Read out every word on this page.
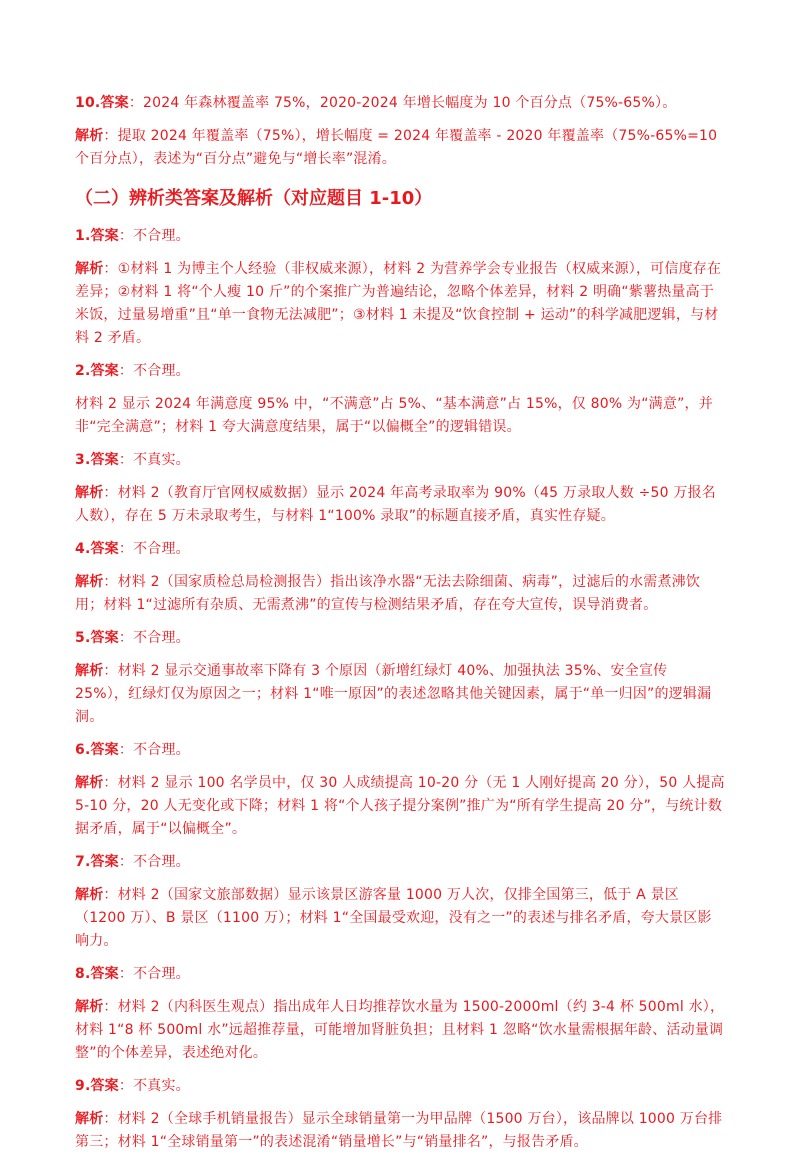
10.答案：2024 年森林覆盖率 75%，2020-2024 年增长幅度为 10 个百分点（75%-65%）。

解析：提取 2024 年覆盖率（75%），增长幅度 = 2024 年覆盖率 - 2020 年覆盖率（75%-65%=10 个百分点），表述为“百分点”避免与“增长率”混淆。

（二）辨析类答案及解析（对应题目 1-10）

1.答案：不合理。

解析：①材料 1 为博主个人经验（非权威来源），材料 2 为营养学会专业报告（权威来源），可信度存在差异；②材料 1 将“个人瘦 10 斤”的个案推广为普遍结论，忽略个体差异，材料 2 明确“紫薯热量高于米饭，过量易增重”且“单一食物无法减肥”；③材料 1 未提及“饮食控制 + 运动”的科学减肥逻辑，与材料 2 矛盾。

2.答案：不合理。

材料 2 显示 2024 年满意度 95% 中，“不满意”占 5%、“基本满意”占 15%，仅 80% 为“满意”，并非“完全满意”；材料 1 夸大满意度结果，属于“以偏概全”的逻辑错误。

3.答案：不真实。

解析：材料 2（教育厅官网权威数据）显示 2024 年高考录取率为 90%（45 万录取人数 ÷50 万报名人数），存在 5 万未录取考生，与材料 1“100% 录取”的标题直接矛盾，真实性存疑。

4.答案：不合理。

解析：材料 2（国家质检总局检测报告）指出该净水器“无法去除细菌、病毒”，过滤后的水需煮沸饮用；材料 1“过滤所有杂质、无需煮沸”的宣传与检测结果矛盾，存在夸大宣传，误导消费者。

5.答案：不合理。

解析：材料 2 显示交通事故率下降有 3 个原因（新增红绿灯 40%、加强执法 35%、安全宣传 25%），红绿灯仅为原因之一；材料 1“唯一原因”的表述忽略其他关键因素，属于“单一归因”的逻辑漏洞。

6.答案：不合理。

解析：材料 2 显示 100 名学员中，仅 30 人成绩提高 10-20 分（无 1 人刚好提高 20 分），50 人提高 5-10 分，20 人无变化或下降；材料 1 将“个人孩子提分案例”推广为“所有学生提高 20 分”，与统计数据矛盾，属于“以偏概全”。

7.答案：不合理。

解析：材料 2（国家文旅部数据）显示该景区游客量 1000 万人次，仅排全国第三，低于 A 景区（1200 万）、B 景区（1100 万）；材料 1“全国最受欢迎，没有之一”的表述与排名矛盾，夸大景区影响力。

8.答案：不合理。

解析：材料 2（内科医生观点）指出成年人日均推荐饮水量为 1500-2000ml（约 3-4 杯 500ml 水），材料 1“8 杯 500ml 水”远超推荐量，可能增加肾脏负担；且材料 1 忽略“饮水量需根据年龄、活动量调整”的个体差异，表述绝对化。

9.答案：不真实。

解析：材料 2（全球手机销量报告）显示全球销量第一为甲品牌（1500 万台），该品牌以 1000 万台排第三；材料 1“全球销量第一”的表述混淆“销量增长”与“销量排名”，与报告矛盾。
